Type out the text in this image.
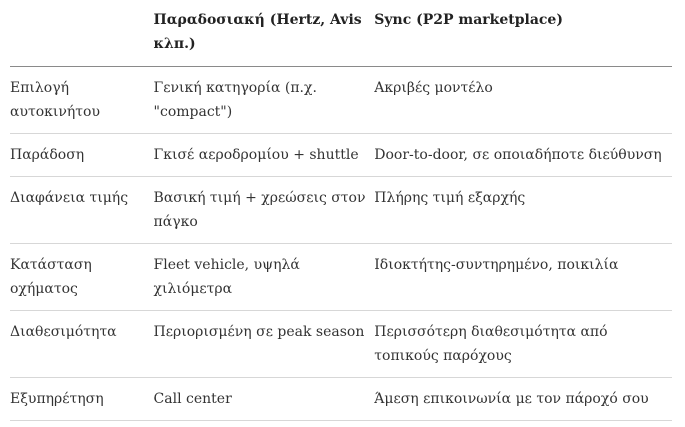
	Παραδοσιακή (Hertz, Avis κλπ.)	Sync (P2P marketplace)
Επιλογή αυτοκινήτου	Γενική κατηγορία (π.χ. "compact")	Ακριβές μοντέλο
Παράδοση	Γκισέ αεροδρομίου + shuttle	Door-to-door, σε οποιαδήποτε διεύθυνση
Διαφάνεια τιμής	Βασική τιμή + χρεώσεις στον πάγκο	Πλήρης τιμή εξαρχής
Κατάσταση οχήματος	Fleet vehicle, υψηλά χιλιόμετρα	Ιδιοκτήτης-συντηρημένο, ποικιλία
Διαθεσιμότητα	Περιορισμένη σε peak season	Περισσότερη διαθεσιμότητα από τοπικούς παρόχους
Εξυπηρέτηση	Call center	Άμεση επικοινωνία με τον πάροχό σου
